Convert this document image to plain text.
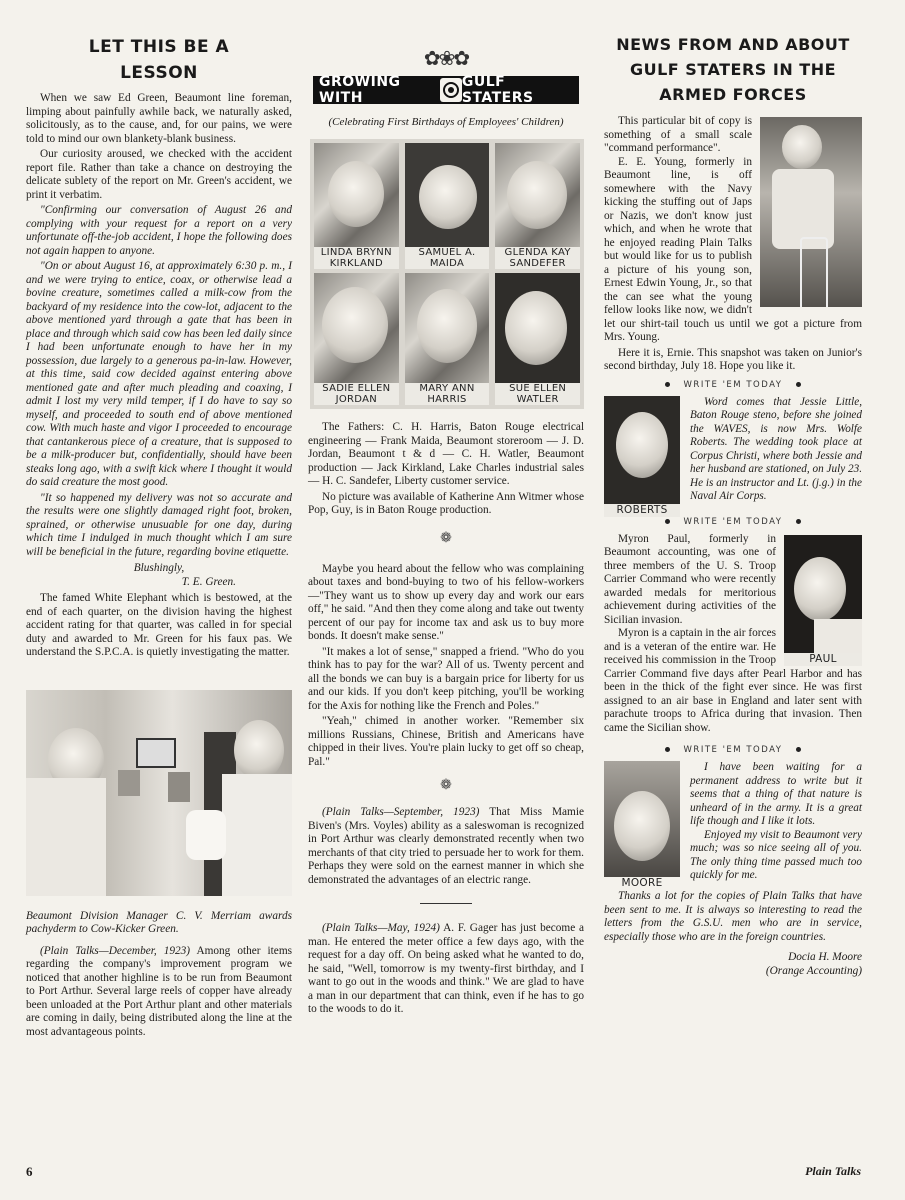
LET THIS BE A
LESSON

When we saw Ed Green, Beaumont line foreman, limping about painfully awhile back, we naturally asked, solicitously, as to the cause, and, for our pains, we were told to mind our own blankety-blank business.

Our curiosity aroused, we checked with the accident report file. Rather than take a chance on destroying the delicate sublety of the report on Mr. Green's accident, we print it verbatim.

"Confirming our conversation of August 26 and complying with your request for a report on a very unfortunate off-the-job accident, I hope the following does not again happen to anyone.

"On or about August 16, at approximately 6:30 p. m., I and we were trying to entice, coax, or otherwise lead a bovine creature, sometimes called a milk-cow from the backyard of my residence into the cow-lot, adjacent to the above mentioned yard through a gate that has been in place and through which said cow has been led daily since I had been unfortunate enough to have her in my possession, due largely to a generous pa-in-law. However, at this time, said cow decided against entering above mentioned gate and after much pleading and coaxing, I admit I lost my very mild temper, if I do have to say so myself, and proceeded to south end of above mentioned cow. With much haste and vigor I proceeded to encourage that cantankerous piece of a creature, that is supposed to be a milk-producer but, confidentially, should have been steaks long ago, with a swift kick where I thought it would do said creature the most good.

"It so happened my delivery was not so accurate and the results were one slightly damaged right foot, broken, sprained, or otherwise unusuable for one day, during which time I indulged in much thought which I am sure will be beneficial in the future, regarding bovine etiquette.

Blushingly,
T. E. Green.

The famed White Elephant which is bestowed, at the end of each quarter, on the division having the highest accident rating for that quarter, was called in for special duty and awarded to Mr. Green for his faux pas. We understand the S.P.C.A. is quietly investigating the matter.

Beaumont Division Manager C. V. Merriam awards pachyderm to Cow-Kicker Green.

(Plain Talks—December, 1923) Among other items regarding the company's improvement program we noticed that another highline is to be run from Beaumont to Port Arthur. Several large reels of copper have already been unloaded at the Port Arthur plant and other materials are coming in daily, being distributed along the line at the most advantageous points.

✿❀✿
GROWING WITH
GULF STATERS
(Celebrating First Birthdays of Employees' Children)
LINDA BRYNN
KIRKLAND
SAMUEL A.
MAIDA
GLENDA KAY
SANDEFER
SADIE ELLEN
JORDAN
MARY ANN
HARRIS
SUE ELLEN
WATLER

The Fathers: C. H. Harris, Baton Rouge electrical engineering — Frank Maida, Beaumont storeroom — J. D. Jordan, Beaumont t & d — C. H. Watler, Beaumont production — Jack Kirkland, Lake Charles industrial sales — H. C. Sandefer, Liberty customer service.

No picture was available of Katherine Ann Witmer whose Pop, Guy, is in Baton Rouge production.

❁

Maybe you heard about the fellow who was complaining about taxes and bond-buying to two of his fellow-workers—"They want us to show up every day and work our ears off," he said. "And then they come along and take out twenty percent of our pay for income tax and ask us to buy more bonds. It doesn't make sense."

"It makes a lot of sense," snapped a friend. "Who do you think has to pay for the war? All of us. Twenty percent and all the bonds we can buy is a bargain price for liberty for us and our kids. If you don't keep pitching, you'll be working for the Axis for nothing like the French and Poles."

"Yeah," chimed in another worker. "Remember six millions Russians, Chinese, British and Americans have chipped in their lives. You're plain lucky to get off so cheap, Pal."

❁

(Plain Talks—September, 1923) That Miss Mamie Biven's (Mrs. Voyles) ability as a saleswoman is recognized in Port Arthur was clearly demonstrated recently when two merchants of that city tried to persuade her to work for them. Perhaps they were sold on the earnest manner in which she demonstrated the advantages of an electric range.

(Plain Talks—May, 1924) A. F. Gager has just become a man. He entered the meter office a few days ago, with the request for a day off. On being asked what he wanted to do, he said, "Well, tomorrow is my twenty-first birthday, and I want to go out in the woods and think." We are glad to have a man in our department that can think, even if he has to go to the woods to do it.

NEWS FROM AND ABOUT
GULF STATERS IN THE
ARMED FORCES

This particular bit of copy is something of a small scale "command performance".

E. E. Young, formerly in Beaumont line, is off somewhere with the Navy kicking the stuffing out of Japs or Nazis, we don't know just which, and when he wrote that he enjoyed reading Plain Talks but would like for us to publish a picture of his young son, Ernest Edwin Young, Jr., so that the can see what the young fellow looks like now, we didn't let our shirt-tail touch us until we got a picture from Mrs. Young.

Here it is, Ernie. This snapshot was taken on Junior's second birthday, July 18. Hope you like it.

WRITE 'EM TODAY
ROBERTS

Word comes that Jessie Little, Baton Rouge steno, before she joined the WAVES, is now Mrs. Wolfe Roberts. The wedding took place at Corpus Christi, where both Jessie and her husband are stationed, on July 23. He is an instructor and Lt. (j.g.) in the Naval Air Corps.

WRITE 'EM TODAY
PAUL

Myron Paul, formerly in Beaumont accounting, was one of three members of the U. S. Troop Carrier Command who were recently awarded medals for meritorious achievement during activities of the Sicilian invasion.

Myron is a captain in the air forces and is a veteran of the entire war. He received his commission in the Troop Carrier Command five days after Pearl Harbor and has been in the thick of the fight ever since. He was first assigned to an air base in England and later sent with parachute troops to Africa during that invasion. Then came the Sicilian show.

WRITE 'EM TODAY
MOORE

I have been waiting for a permanent address to write but it seems that a thing of that nature is unheard of in the army. It is a great life though and I like it lots.

Enjoyed my visit to Beaumont very much; was so nice seeing all of you. The only thing time passed much too quickly for me.

Thanks a lot for the copies of Plain Talks that have been sent to me. It is always so interesting to read the letters from the G.S.U. men who are in service, especially those who are in the foreign countries.

Docia H. Moore
(Orange Accounting)
6	Plain Talks
